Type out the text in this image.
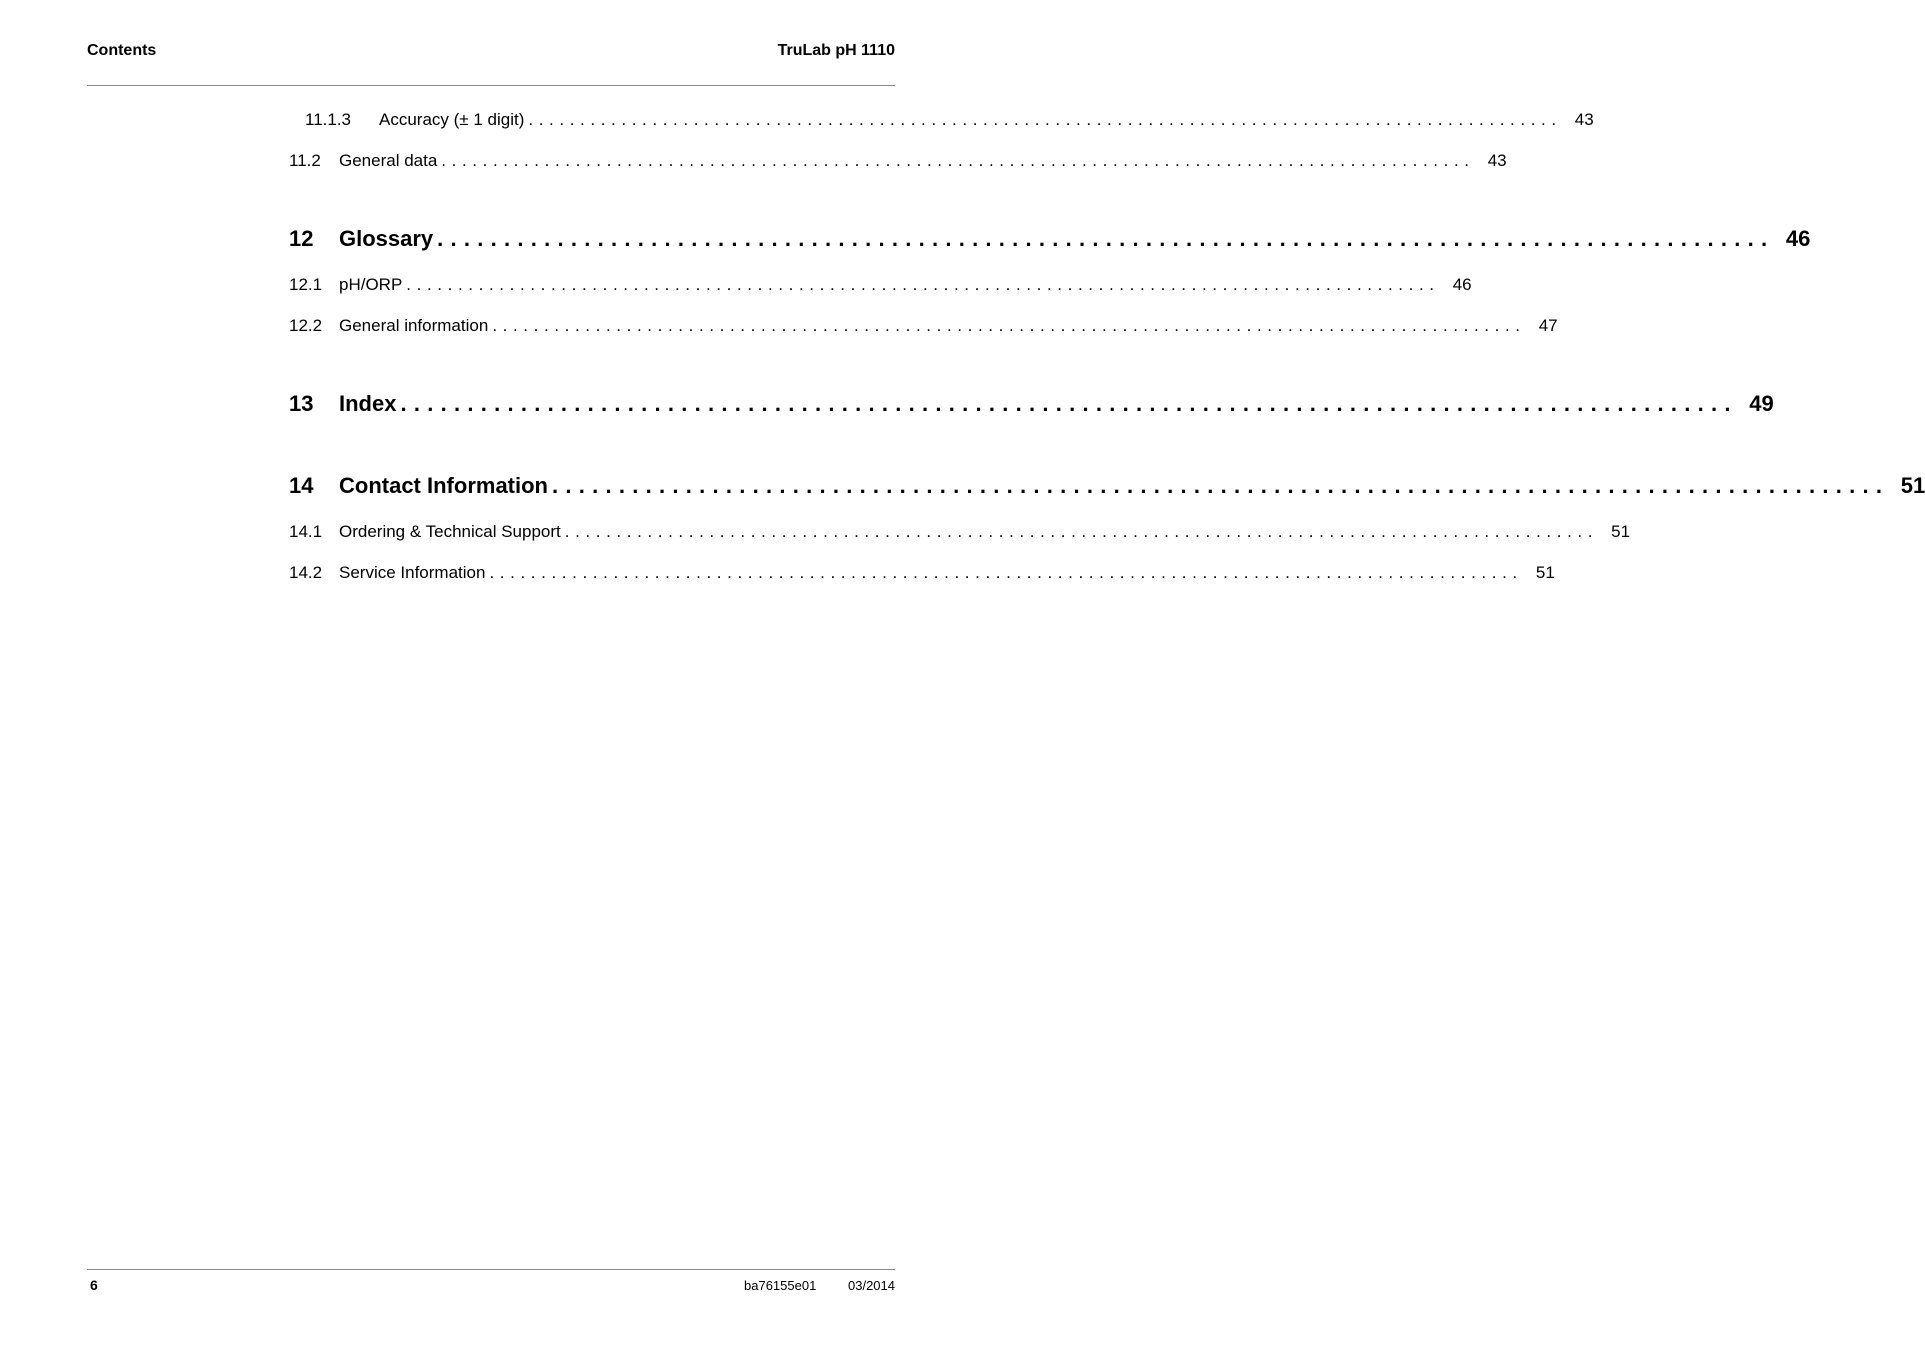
Contents	TruLab pH 1110
11.1.3	Accuracy (± 1 digit) .................................................................................................... 43
11.2	General data .................................................................................................... 43
12	Glossary .................................................................................................... 46
12.1 pH/ORP .................................................................................................... 46
12.2 General information .................................................................................................... 47
13	Index .................................................................................................... 49
14	Contact Information .................................................................................................... 51
14.1 Ordering & Technical Support .................................................................................................... 51
14.2 Service Information .................................................................................................... 51
6	ba76155e01 03/2014
